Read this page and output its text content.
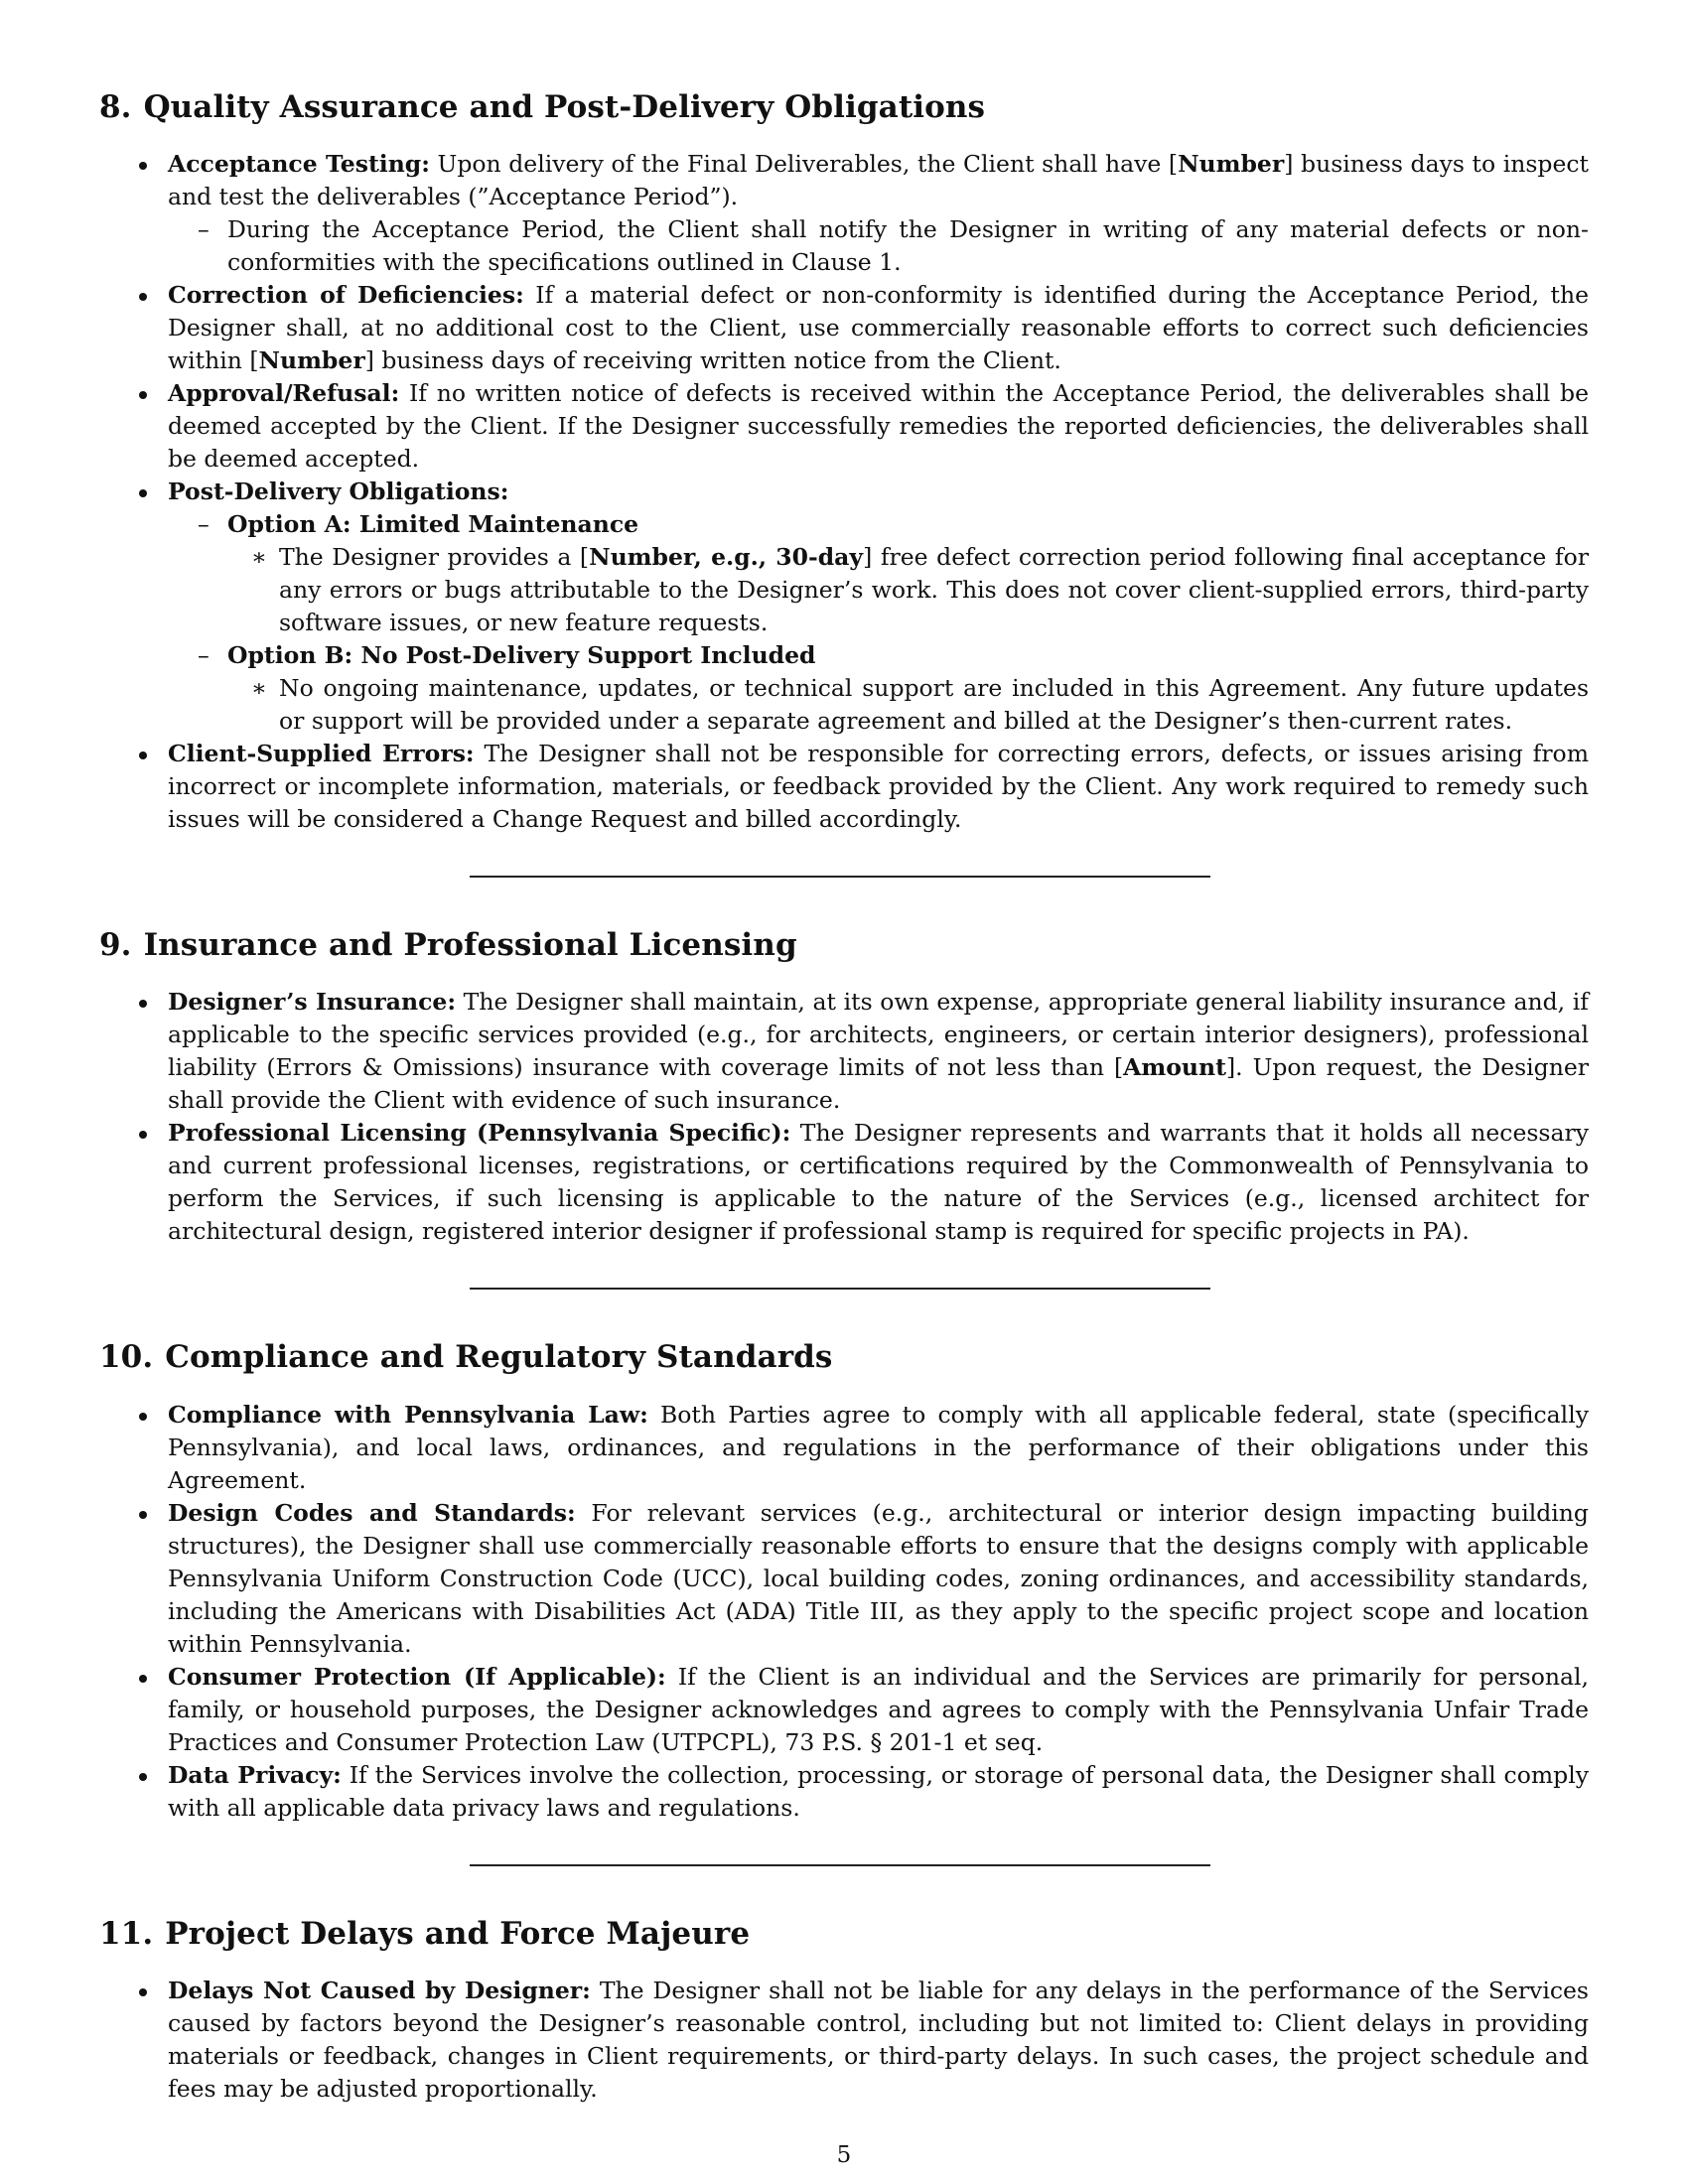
8. Quality Assurance and Post-Delivery Obligations
Acceptance Testing: Upon delivery of the Final Deliverables, the Client shall have [Number] business days to inspect and test the deliverables (”Acceptance Period”).
– During the Acceptance Period, the Client shall notify the Designer in writing of any material defects or non-conformities with the specifications outlined in Clause 1.
Correction of Deficiencies: If a material defect or non-conformity is identified during the Acceptance Period, the Designer shall, at no additional cost to the Client, use commercially reasonable efforts to correct such deficiencies within [Number] business days of receiving written notice from the Client.
Approval/Refusal: If no written notice of defects is received within the Acceptance Period, the deliverables shall be deemed accepted by the Client. If the Designer successfully remedies the reported deficiencies, the deliverables shall be deemed accepted.
Post-Delivery Obligations:
– Option A: Limited Maintenance
∗ The Designer provides a [Number, e.g., 30-day] free defect correction period following final acceptance for any errors or bugs attributable to the Designer’s work. This does not cover client-supplied errors, third-party software issues, or new feature requests.
– Option B: No Post-Delivery Support Included
∗ No ongoing maintenance, updates, or technical support are included in this Agreement. Any future updates or support will be provided under a separate agreement and billed at the Designer’s then-current rates.
Client-Supplied Errors: The Designer shall not be responsible for correcting errors, defects, or issues arising from incorrect or incomplete information, materials, or feedback provided by the Client. Any work required to remedy such issues will be considered a Change Request and billed accordingly.
9. Insurance and Professional Licensing
Designer’s Insurance: The Designer shall maintain, at its own expense, appropriate general liability insurance and, if applicable to the specific services provided (e.g., for architects, engineers, or certain interior designers), professional liability (Errors & Omissions) insurance with coverage limits of not less than [Amount]. Upon request, the Designer shall provide the Client with evidence of such insurance.
Professional Licensing (Pennsylvania Specific): The Designer represents and warrants that it holds all necessary and current professional licenses, registrations, or certifications required by the Commonwealth of Pennsylvania to perform the Services, if such licensing is applicable to the nature of the Services (e.g., licensed architect for architectural design, registered interior designer if professional stamp is required for specific projects in PA).
10. Compliance and Regulatory Standards
Compliance with Pennsylvania Law: Both Parties agree to comply with all applicable federal, state (specifically Pennsylvania), and local laws, ordinances, and regulations in the performance of their obligations under this Agreement.
Design Codes and Standards: For relevant services (e.g., architectural or interior design impacting building structures), the Designer shall use commercially reasonable efforts to ensure that the designs comply with applicable Pennsylvania Uniform Construction Code (UCC), local building codes, zoning ordinances, and accessibility standards, including the Americans with Disabilities Act (ADA) Title III, as they apply to the specific project scope and location within Pennsylvania.
Consumer Protection (If Applicable): If the Client is an individual and the Services are primarily for personal, family, or household purposes, the Designer acknowledges and agrees to comply with the Pennsylvania Unfair Trade Practices and Consumer Protection Law (UTPCPL), 73 P.S. § 201-1 et seq.
Data Privacy: If the Services involve the collection, processing, or storage of personal data, the Designer shall comply with all applicable data privacy laws and regulations.
11. Project Delays and Force Majeure
Delays Not Caused by Designer: The Designer shall not be liable for any delays in the performance of the Services caused by factors beyond the Designer’s reasonable control, including but not limited to: Client delays in providing materials or feedback, changes in Client requirements, or third-party delays. In such cases, the project schedule and fees may be adjusted proportionally.
5
